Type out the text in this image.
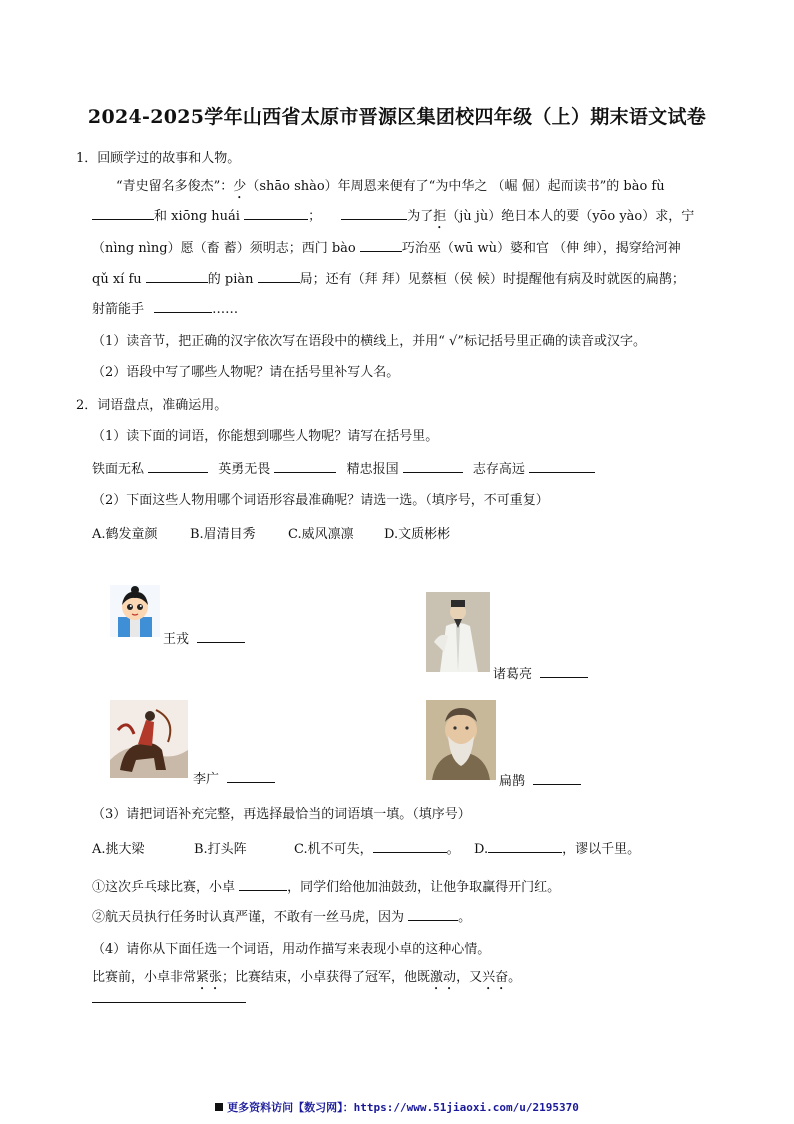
2024-2025学年山西省太原市晋源区集团校四年级（上）期末语文试卷
1．回顾学过的故事和人物。
“青史留名多俊杰”：少（shāo shào）年周恩来便有了“为中华之 （崛 倔）起而读书”的 bào fù
和 xiōng huái	；	为了拒（jù jù）绝日本人的要（yōo yào）求，宁
（nìng nìng）愿（畜 蓄）须明志；西门 bào	巧治巫（wū wù）婆和官 （伸 绅），揭穿给河神
qǔ xí fu	的 piàn	局；还有（拜 拜）见蔡桓（侯 候）时提醒他有病及时就医的扁鹊；
射箭能手	……
（1）读音节，把正确的汉字依次写在语段中的横线上，并用“ √”标记括号里正确的读音或汉字。
（2）语段中写了哪些人物呢？请在括号里补写人名。
2．词语盘点，准确运用。
（1）读下面的词语，你能想到哪些人物呢？请写在括号里。
铁面无私	英勇无畏	精忠报国	志存高远
（2）下面这些人物用哪个词语形容最准确呢？请选一选。（填序号，不可重复）
A.鹤发童颜 B.眉清目秀 C.威风凛凛 D.文质彬彬
王戎
诸葛亮
李广	扁鹊
（3）请把词语补充完整，再选择最恰当的词语填一填。（填序号）
A.挑大梁	B.打头阵	C.机不可失，	。 D.	，谬以千里。
①这次乒乓球比赛，小卓	，同学们给他加油鼓劲，让他争取赢得开门红。
②航天员执行任务时认真严谨，不敢有一丝马虎，因为	。
（4）请你从下面任选一个词语，用动作描写来表现小卓的这种心情。
比赛前，小卓非常紧张；比赛结束，小卓获得了冠军，他既激动，又兴奋。
更多资料访问【数习网】：https://www.51jiaoxi.com/u/2195370
